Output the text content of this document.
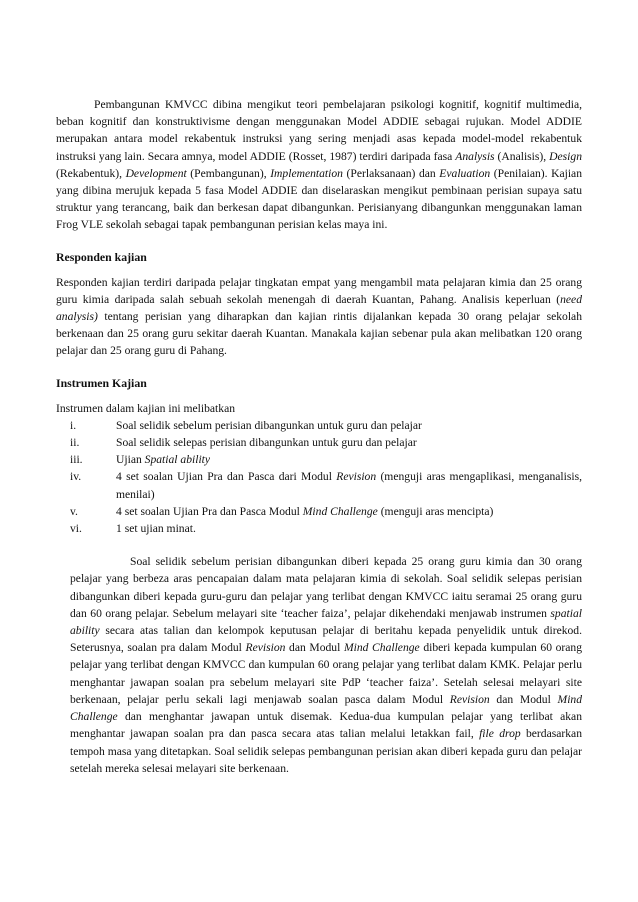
Pembangunan KMVCC dibina mengikut teori pembelajaran psikologi kognitif, kognitif multimedia, beban kognitif dan konstruktivisme dengan menggunakan Model ADDIE sebagai rujukan. Model ADDIE merupakan antara model rekabentuk instruksi yang sering menjadi asas kepada model-model rekabentuk instruksi yang lain. Secara amnya, model ADDIE (Rosset, 1987) terdiri daripada fasa Analysis (Analisis), Design (Rekabentuk), Development (Pembangunan), Implementation (Perlaksanaan) dan Evaluation (Penilaian). Kajian yang dibina merujuk kepada 5 fasa Model ADDIE dan diselaraskan mengikut pembinaan perisian supaya satu struktur yang terancang, baik dan berkesan dapat dibangunkan. Perisianyang dibangunkan menggunakan laman Frog VLE sekolah sebagai tapak pembangunan perisian kelas maya ini.

Responden kajian

Responden kajian terdiri daripada pelajar tingkatan empat yang mengambil mata pelajaran kimia dan 25 orang guru kimia daripada salah sebuah sekolah menengah di daerah Kuantan, Pahang. Analisis keperluan (need analysis) tentang perisian yang diharapkan dan kajian rintis dijalankan kepada 30 orang pelajar sekolah berkenaan dan 25 orang guru sekitar daerah Kuantan. Manakala kajian sebenar pula akan melibatkan 120 orang pelajar dan 25 orang guru di Pahang.

Instrumen Kajian

Instrumen dalam kajian ini melibatkan

i.	Soal selidik sebelum perisian dibangunkan untuk guru dan pelajar
ii.	Soal selidik selepas perisian dibangunkan untuk guru dan pelajar
iii.	Ujian Spatial ability
iv.	4 set soalan Ujian Pra dan Pasca dari Modul Revision (menguji aras mengaplikasi, menganalisis, menilai)
v.	4 set soalan Ujian Pra dan Pasca Modul Mind Challenge (menguji aras mencipta)
vi.	1 set ujian minat.

Soal selidik sebelum perisian dibangunkan diberi kepada 25 orang guru kimia dan 30 orang pelajar yang berbeza aras pencapaian dalam mata pelajaran kimia di sekolah. Soal selidik selepas perisian dibangunkan diberi kepada guru-guru dan pelajar yang terlibat dengan KMVCC iaitu seramai 25 orang guru dan 60 orang pelajar. Sebelum melayari site ‘teacher faiza’, pelajar dikehendaki menjawab instrumen spatial ability secara atas talian dan kelompok keputusan pelajar di beritahu kepada penyelidik untuk direkod. Seterusnya, soalan pra dalam Modul Revision dan Modul Mind Challenge diberi kepada kumpulan 60 orang pelajar yang terlibat dengan KMVCC dan kumpulan 60 orang pelajar yang terlibat dalam KMK. Pelajar perlu menghantar jawapan soalan pra sebelum melayari site PdP ‘teacher faiza’. Setelah selesai melayari site berkenaan, pelajar perlu sekali lagi menjawab soalan pasca dalam Modul Revision dan Modul Mind Challenge dan menghantar jawapan untuk disemak. Kedua-dua kumpulan pelajar yang terlibat akan menghantar jawapan soalan pra dan pasca secara atas talian melalui letakkan fail, file drop berdasarkan tempoh masa yang ditetapkan. Soal selidik selepas pembangunan perisian akan diberi kepada guru dan pelajar setelah mereka selesai melayari site berkenaan.
